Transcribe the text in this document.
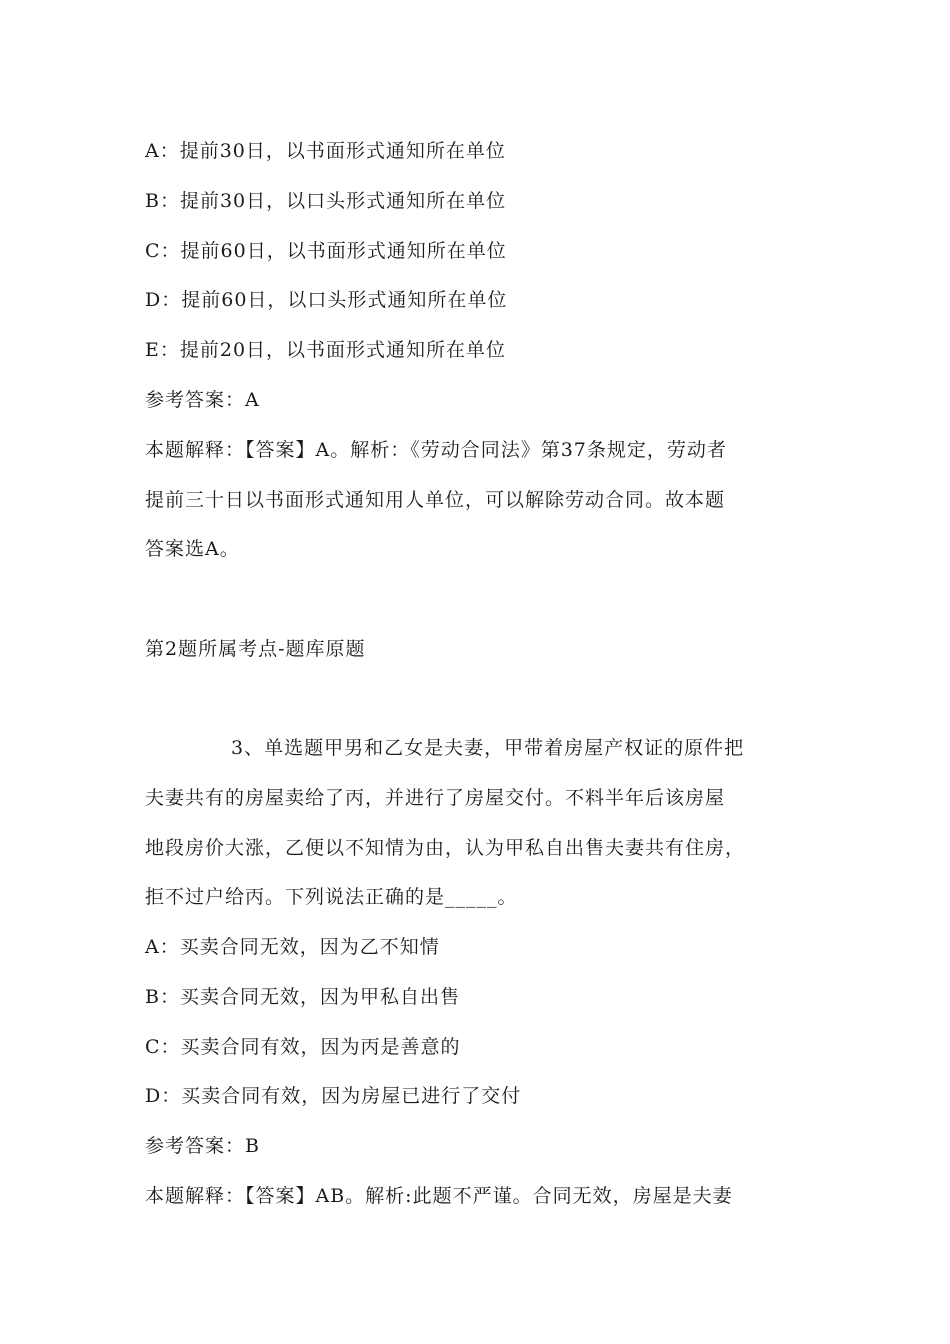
A：提前30日，以书面形式通知所在单位
B：提前30日，以口头形式通知所在单位
C：提前60日，以书面形式通知所在单位
D：提前60日，以口头形式通知所在单位
E：提前20日，以书面形式通知所在单位
参考答案：A
本题解释：【答案】A。解析：《劳动合同法》第37条规定，劳动者
提前三十日以书面形式通知用人单位，可以解除劳动合同。故本题
答案选A。
第2题所属考点-题库原题
3、单选题甲男和乙女是夫妻，甲带着房屋产权证的原件把
夫妻共有的房屋卖给了丙，并进行了房屋交付。不料半年后该房屋
地段房价大涨，乙便以不知情为由，认为甲私自出售夫妻共有住房，
拒不过户给丙。下列说法正确的是_____。
A：买卖合同无效，因为乙不知情
B：买卖合同无效，因为甲私自出售
C：买卖合同有效，因为丙是善意的
D：买卖合同有效，因为房屋已进行了交付
参考答案：B
本题解释：【答案】AB。解析:此题不严谨。合同无效，房屋是夫妻
